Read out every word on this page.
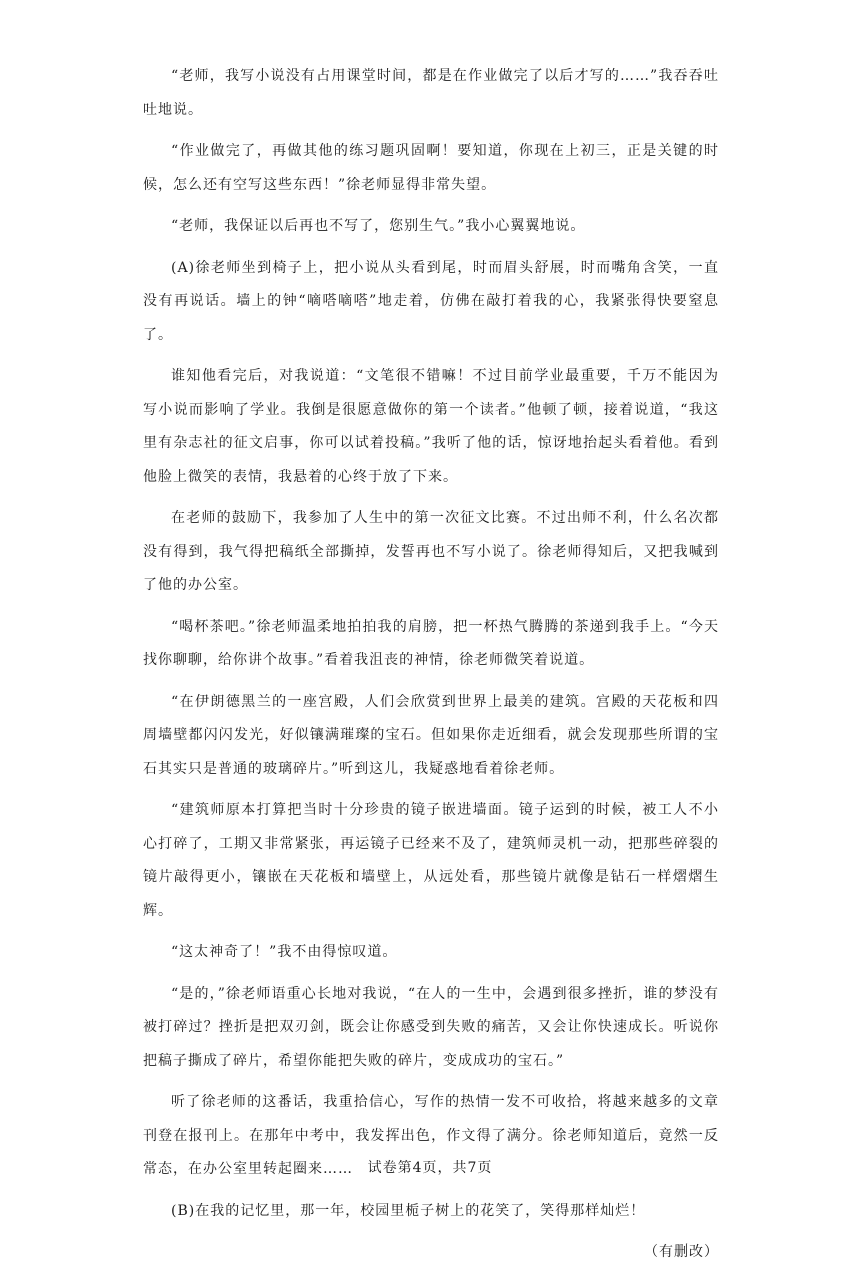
“老师，我写小说没有占用课堂时间，都是在作业做完了以后才写的……”我吞吞吐吐地说。

“作业做完了，再做其他的练习题巩固啊！要知道，你现在上初三，正是关键的时候，怎么还有空写这些东西！”徐老师显得非常失望。

“老师，我保证以后再也不写了，您别生气。”我小心翼翼地说。

(A)徐老师坐到椅子上，把小说从头看到尾，时而眉头舒展，时而嘴角含笑，一直没有再说话。墙上的钟“嘀嗒嘀嗒”地走着，仿佛在敲打着我的心，我紧张得快要窒息了。

谁知他看完后，对我说道：“文笔很不错嘛！不过目前学业最重要，千万不能因为写小说而影响了学业。我倒是很愿意做你的第一个读者。”他顿了顿，接着说道，“我这里有杂志社的征文启事，你可以试着投稿。”我听了他的话，惊讶地抬起头看着他。看到他脸上微笑的表情，我悬着的心终于放了下来。

在老师的鼓励下，我参加了人生中的第一次征文比赛。不过出师不利，什么名次都没有得到，我气得把稿纸全部撕掉，发誓再也不写小说了。徐老师得知后，又把我喊到了他的办公室。

“喝杯茶吧。”徐老师温柔地拍拍我的肩膀，把一杯热气腾腾的茶递到我手上。“今天找你聊聊，给你讲个故事。”看着我沮丧的神情，徐老师微笑着说道。

“在伊朗德黑兰的一座宫殿，人们会欣赏到世界上最美的建筑。宫殿的天花板和四周墙壁都闪闪发光，好似镶满璀璨的宝石。但如果你走近细看，就会发现那些所谓的宝石其实只是普通的玻璃碎片。”听到这儿，我疑惑地看着徐老师。

“建筑师原本打算把当时十分珍贵的镜子嵌进墙面。镜子运到的时候，被工人不小心打碎了，工期又非常紧张，再运镜子已经来不及了，建筑师灵机一动，把那些碎裂的镜片敲得更小，镶嵌在天花板和墙壁上，从远处看，那些镜片就像是钻石一样熠熠生辉。

“这太神奇了！”我不由得惊叹道。

“是的，”徐老师语重心长地对我说，“在人的一生中，会遇到很多挫折，谁的梦没有被打碎过？挫折是把双刃剑，既会让你感受到失败的痛苦，又会让你快速成长。听说你把稿子撕成了碎片，希望你能把失败的碎片，变成成功的宝石。”

听了徐老师的这番话，我重拾信心，写作的热情一发不可收拾，将越来越多的文章刊登在报刊上。在那年中考中，我发挥出色，作文得了满分。徐老师知道后，竟然一反常态，在办公室里转起圈来……

(B)在我的记忆里，那一年，校园里栀子树上的花笑了，笑得那样灿烂！

（有删改）

试卷第4页，共7页
